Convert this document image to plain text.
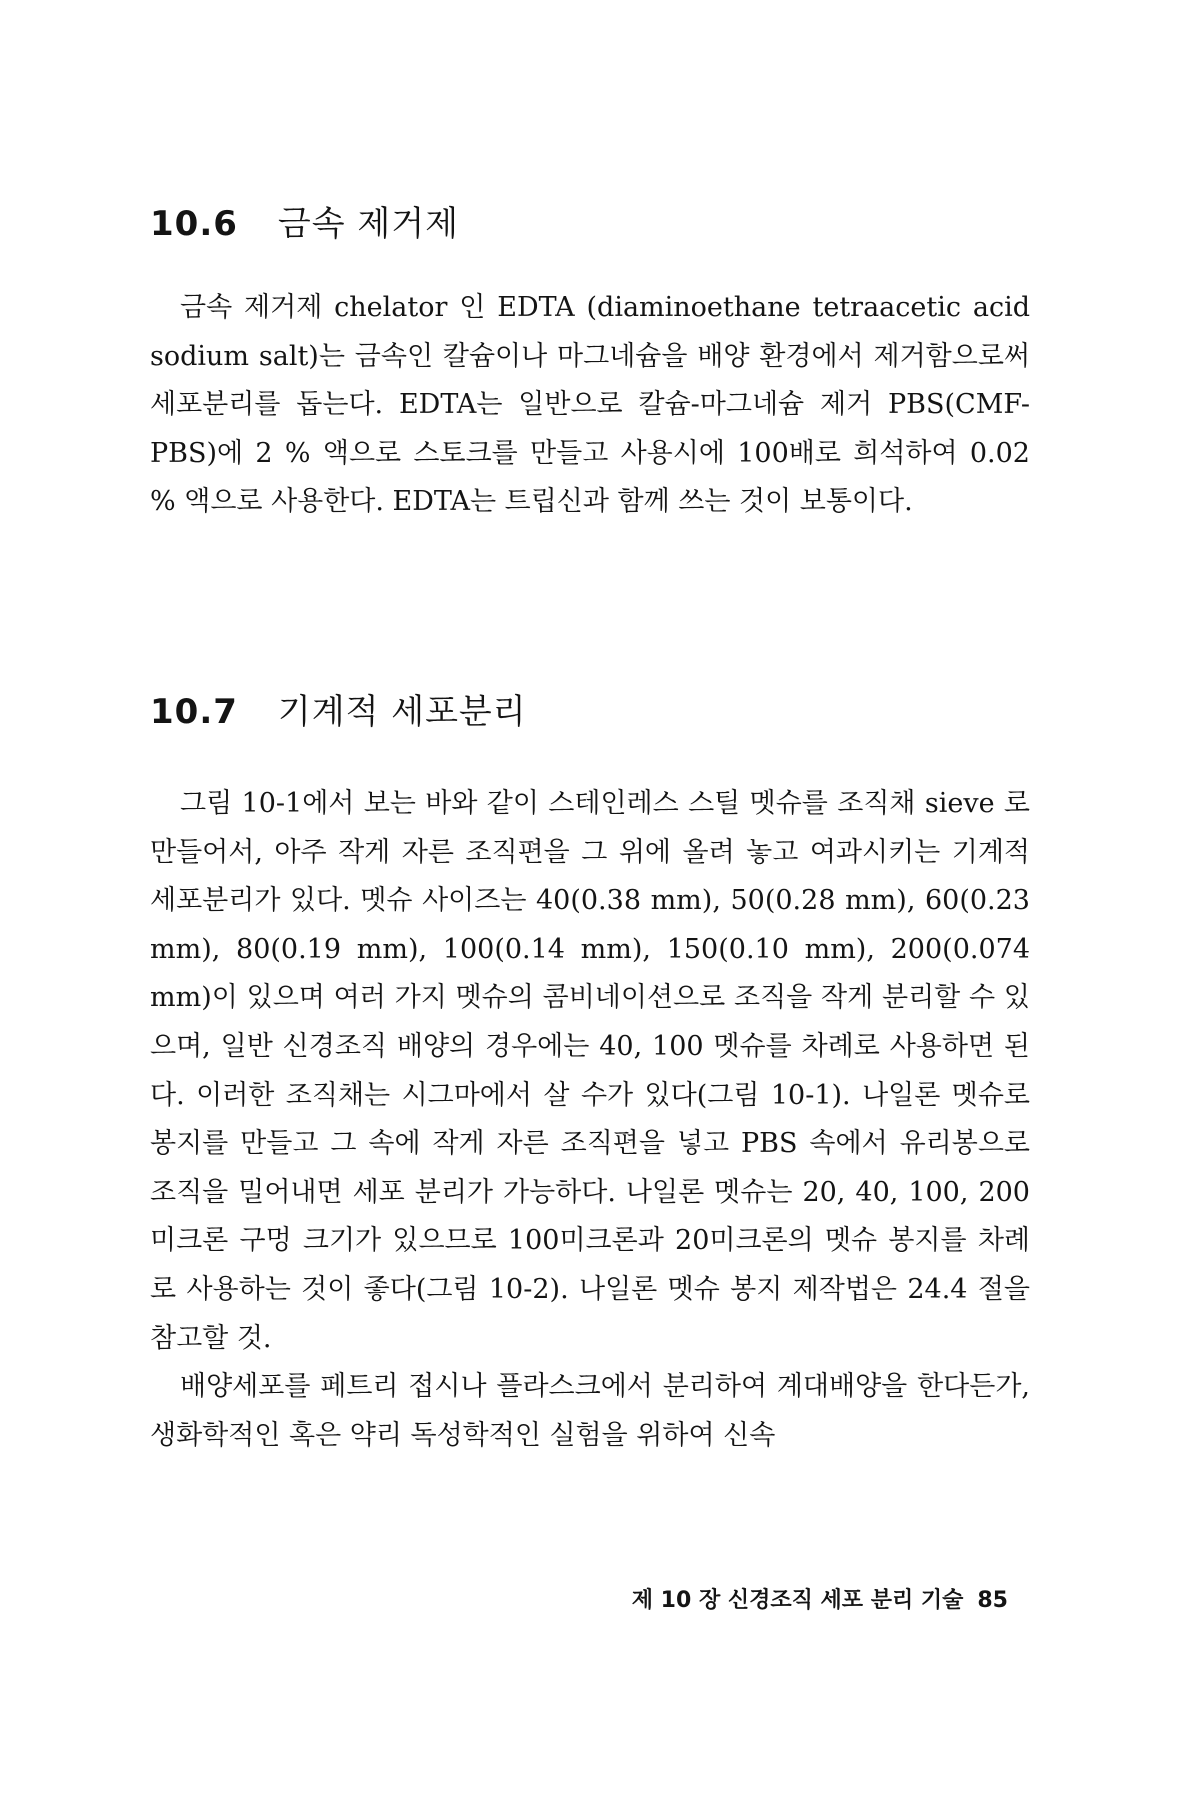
10.6 금속 제거제

금속 제거제 chelator 인 EDTA (diaminoethane tetraacetic acid sodium salt)는 금속인 칼슘이나 마그네슘을 배양 환경에서 제거함으로써 세포분리를 돕는다. EDTA는 일반으로 칼슘-마그네슘 제거 PBS(CMF-PBS)에 2 % 액으로 스토크를 만들고 사용시에 100배로 희석하여 0.02 % 액으로 사용한다. EDTA는 트립신과 함께 쓰는 것이 보통이다.

10.7 기계적 세포분리

그림 10-1에서 보는 바와 같이 스테인레스 스틸 멧슈를 조직채 sieve 로 만들어서, 아주 작게 자른 조직편을 그 위에 올려 놓고 여과시키는 기계적 세포분리가 있다. 멧슈 사이즈는 40(0.38 mm), 50(0.28 mm), 60(0.23 mm), 80(0.19 mm), 100(0.14 mm), 150(0.10 mm), 200(0.074 mm)이 있으며 여러 가지 멧슈의 콤비네이션으로 조직을 작게 분리할 수 있으며, 일반 신경조직 배양의 경우에는 40, 100 멧슈를 차례로 사용하면 된다. 이러한 조직채는 시그마에서 살 수가 있다(그림 10-1). 나일론 멧슈로 봉지를 만들고 그 속에 작게 자른 조직편을 넣고 PBS 속에서 유리봉으로 조직을 밀어내면 세포 분리가 가능하다. 나일론 멧슈는 20, 40, 100, 200미크론 구멍 크기가 있으므로 100미크론과 20미크론의 멧슈 봉지를 차례로 사용하는 것이 좋다(그림 10-2). 나일론 멧슈 봉지 제작법은 24.4 절을 참고할 것.

배양세포를 페트리 접시나 플라스크에서 분리하여 계대배양을 한다든가, 생화학적인 혹은 약리 독성학적인 실험을 위하여 신속

제 10 장 신경조직 세포 분리 기술 85
